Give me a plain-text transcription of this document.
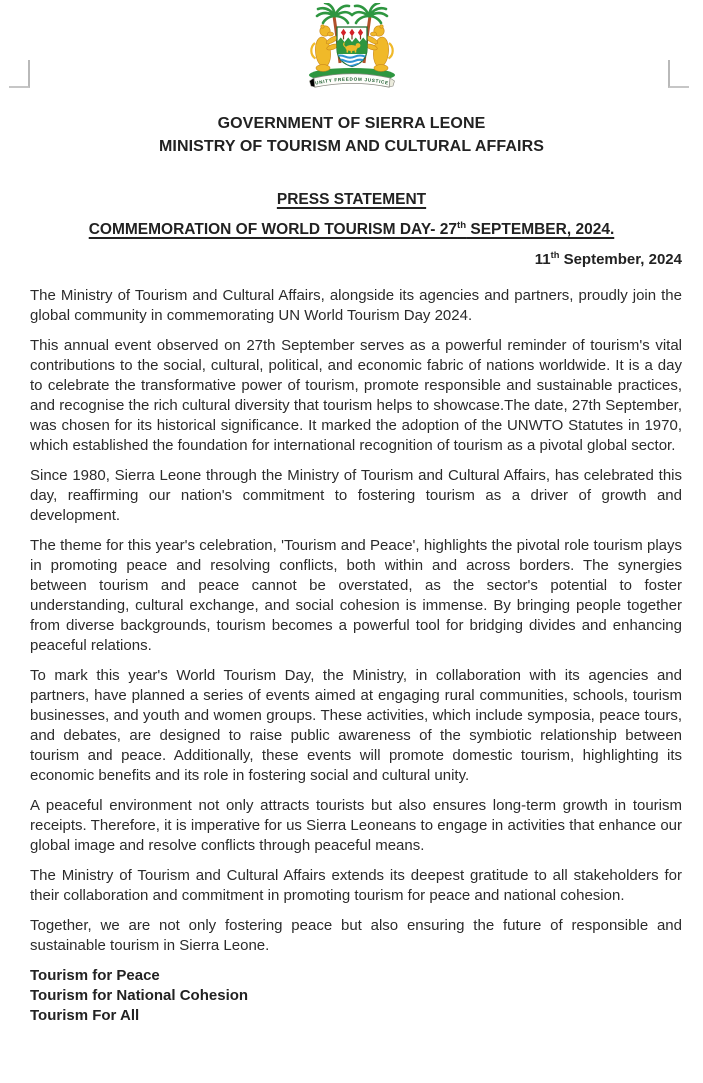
UNITY FREEDOM JUSTICE
GOVERNMENT OF SIERRA LEONE
MINISTRY OF TOURISM AND CULTURAL AFFAIRS
PRESS STATEMENT
COMMEMORATION OF WORLD TOURISM DAY- 27th SEPTEMBER, 2024.
11th September, 2024

The Ministry of Tourism and Cultural Affairs, alongside its agencies and partners, proudly join the global community in commemorating UN World Tourism Day 2024.

This annual event observed on 27th September serves as a powerful reminder of tourism's vital contributions to the social, cultural, political, and economic fabric of nations worldwide. It is a day to celebrate the transformative power of tourism, promote responsible and sustainable practices, and recognise the rich cultural diversity that tourism helps to showcase.The date, 27th September, was chosen for its historical significance. It marked the adoption of the UNWTO Statutes in 1970, which established the foundation for international recognition of tourism as a pivotal global sector.

Since 1980, Sierra Leone through the Ministry of Tourism and Cultural Affairs, has celebrated this day, reaffirming our nation's commitment to fostering tourism as a driver of growth and development.

The theme for this year's celebration, 'Tourism and Peace', highlights the pivotal role tourism plays in promoting peace and resolving conflicts, both within and across borders. The synergies between tourism and peace cannot be overstated, as the sector's potential to foster understanding, cultural exchange, and social cohesion is immense. By bringing people together from diverse backgrounds, tourism becomes a powerful tool for bridging divides and enhancing peaceful relations.

To mark this year's World Tourism Day, the Ministry, in collaboration with its agencies and partners, have planned a series of events aimed at engaging rural communities, schools, tourism businesses, and youth and women groups. These activities, which include symposia, peace tours, and debates, are designed to raise public awareness of the symbiotic relationship between tourism and peace. Additionally, these events will promote domestic tourism, highlighting its economic benefits and its role in fostering social and cultural unity.

A peaceful environment not only attracts tourists but also ensures long-term growth in tourism receipts. Therefore, it is imperative for us Sierra Leoneans to engage in activities that enhance our global image and resolve conflicts through peaceful means.

The Ministry of Tourism and Cultural Affairs extends its deepest gratitude to all stakeholders for their collaboration and commitment in promoting tourism for peace and national cohesion.

Together, we are not only fostering peace but also ensuring the future of responsible and sustainable tourism in Sierra Leone.

Tourism for Peace
Tourism for National Cohesion
Tourism For All
